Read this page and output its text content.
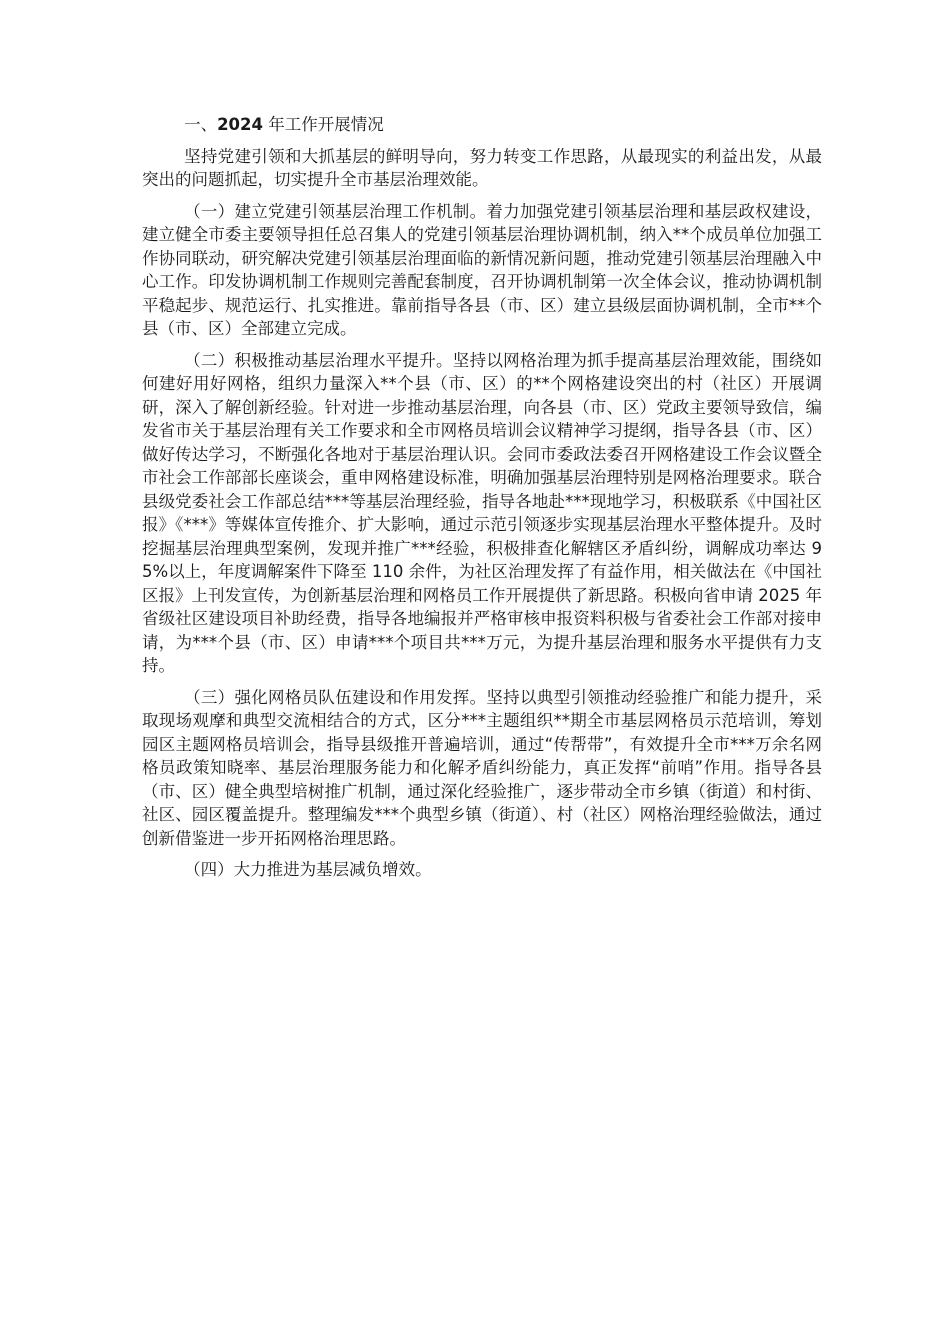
一、2024 年工作开展情况

坚持党建引领和大抓基层的鲜明导向，努力转变工作思路，从最现实的利益出发，从最突出的问题抓起，切实提升全市基层治理效能。

（一）建立党建引领基层治理工作机制。着力加强党建引领基层治理和基层政权建设，建立健全市委主要领导担任总召集人的党建引领基层治理协调机制，纳入**个成员单位加强工作协同联动，研究解决党建引领基层治理面临的新情况新问题，推动党建引领基层治理融入中心工作。印发协调机制工作规则完善配套制度，召开协调机制第一次全体会议，推动协调机制平稳起步、规范运行、扎实推进。靠前指导各县（市、区）建立县级层面协调机制，全市**个县（市、区）全部建立完成。

（二）积极推动基层治理水平提升。坚持以网格治理为抓手提高基层治理效能，围绕如何建好用好网格，组织力量深入**个县（市、区）的**个网格建设突出的村（社区）开展调研，深入了解创新经验。针对进一步推动基层治理，向各县（市、区）党政主要领导致信，编发省市关于基层治理有关工作要求和全市网格员培训会议精神学习提纲，指导各县（市、区）做好传达学习，不断强化各地对于基层治理认识。会同市委政法委召开网格建设工作会议暨全市社会工作部部长座谈会，重申网格建设标准，明确加强基层治理特别是网格治理要求。联合县级党委社会工作部总结***等基层治理经验，指导各地赴***现地学习，积极联系《中国社区报》《***》等媒体宣传推介、扩大影响，通过示范引领逐步实现基层治理水平整体提升。及时挖掘基层治理典型案例，发现并推广***经验，积极排查化解辖区矛盾纠纷，调解成功率达 95%以上，年度调解案件下降至 110 余件，为社区治理发挥了有益作用，相关做法在《中国社区报》上刊发宣传，为创新基层治理和网格员工作开展提供了新思路。积极向省申请 2025 年省级社区建设项目补助经费，指导各地编报并严格审核申报资料积极与省委社会工作部对接申请，为***个县（市、区）申请***个项目共***万元，为提升基层治理和服务水平提供有力支持。

（三）强化网格员队伍建设和作用发挥。坚持以典型引领推动经验推广和能力提升，采取现场观摩和典型交流相结合的方式，区分***主题组织**期全市基层网格员示范培训，筹划园区主题网格员培训会，指导县级推开普遍培训，通过“传帮带”，有效提升全市***万余名网格员政策知晓率、基层治理服务能力和化解矛盾纠纷能力，真正发挥“前哨”作用。指导各县（市、区）健全典型培树推广机制，通过深化经验推广，逐步带动全市乡镇（街道）和村街、社区、园区覆盖提升。整理编发***个典型乡镇（街道）、村（社区）网格治理经验做法，通过创新借鉴进一步开拓网格治理思路。

（四）大力推进为基层减负增效。
